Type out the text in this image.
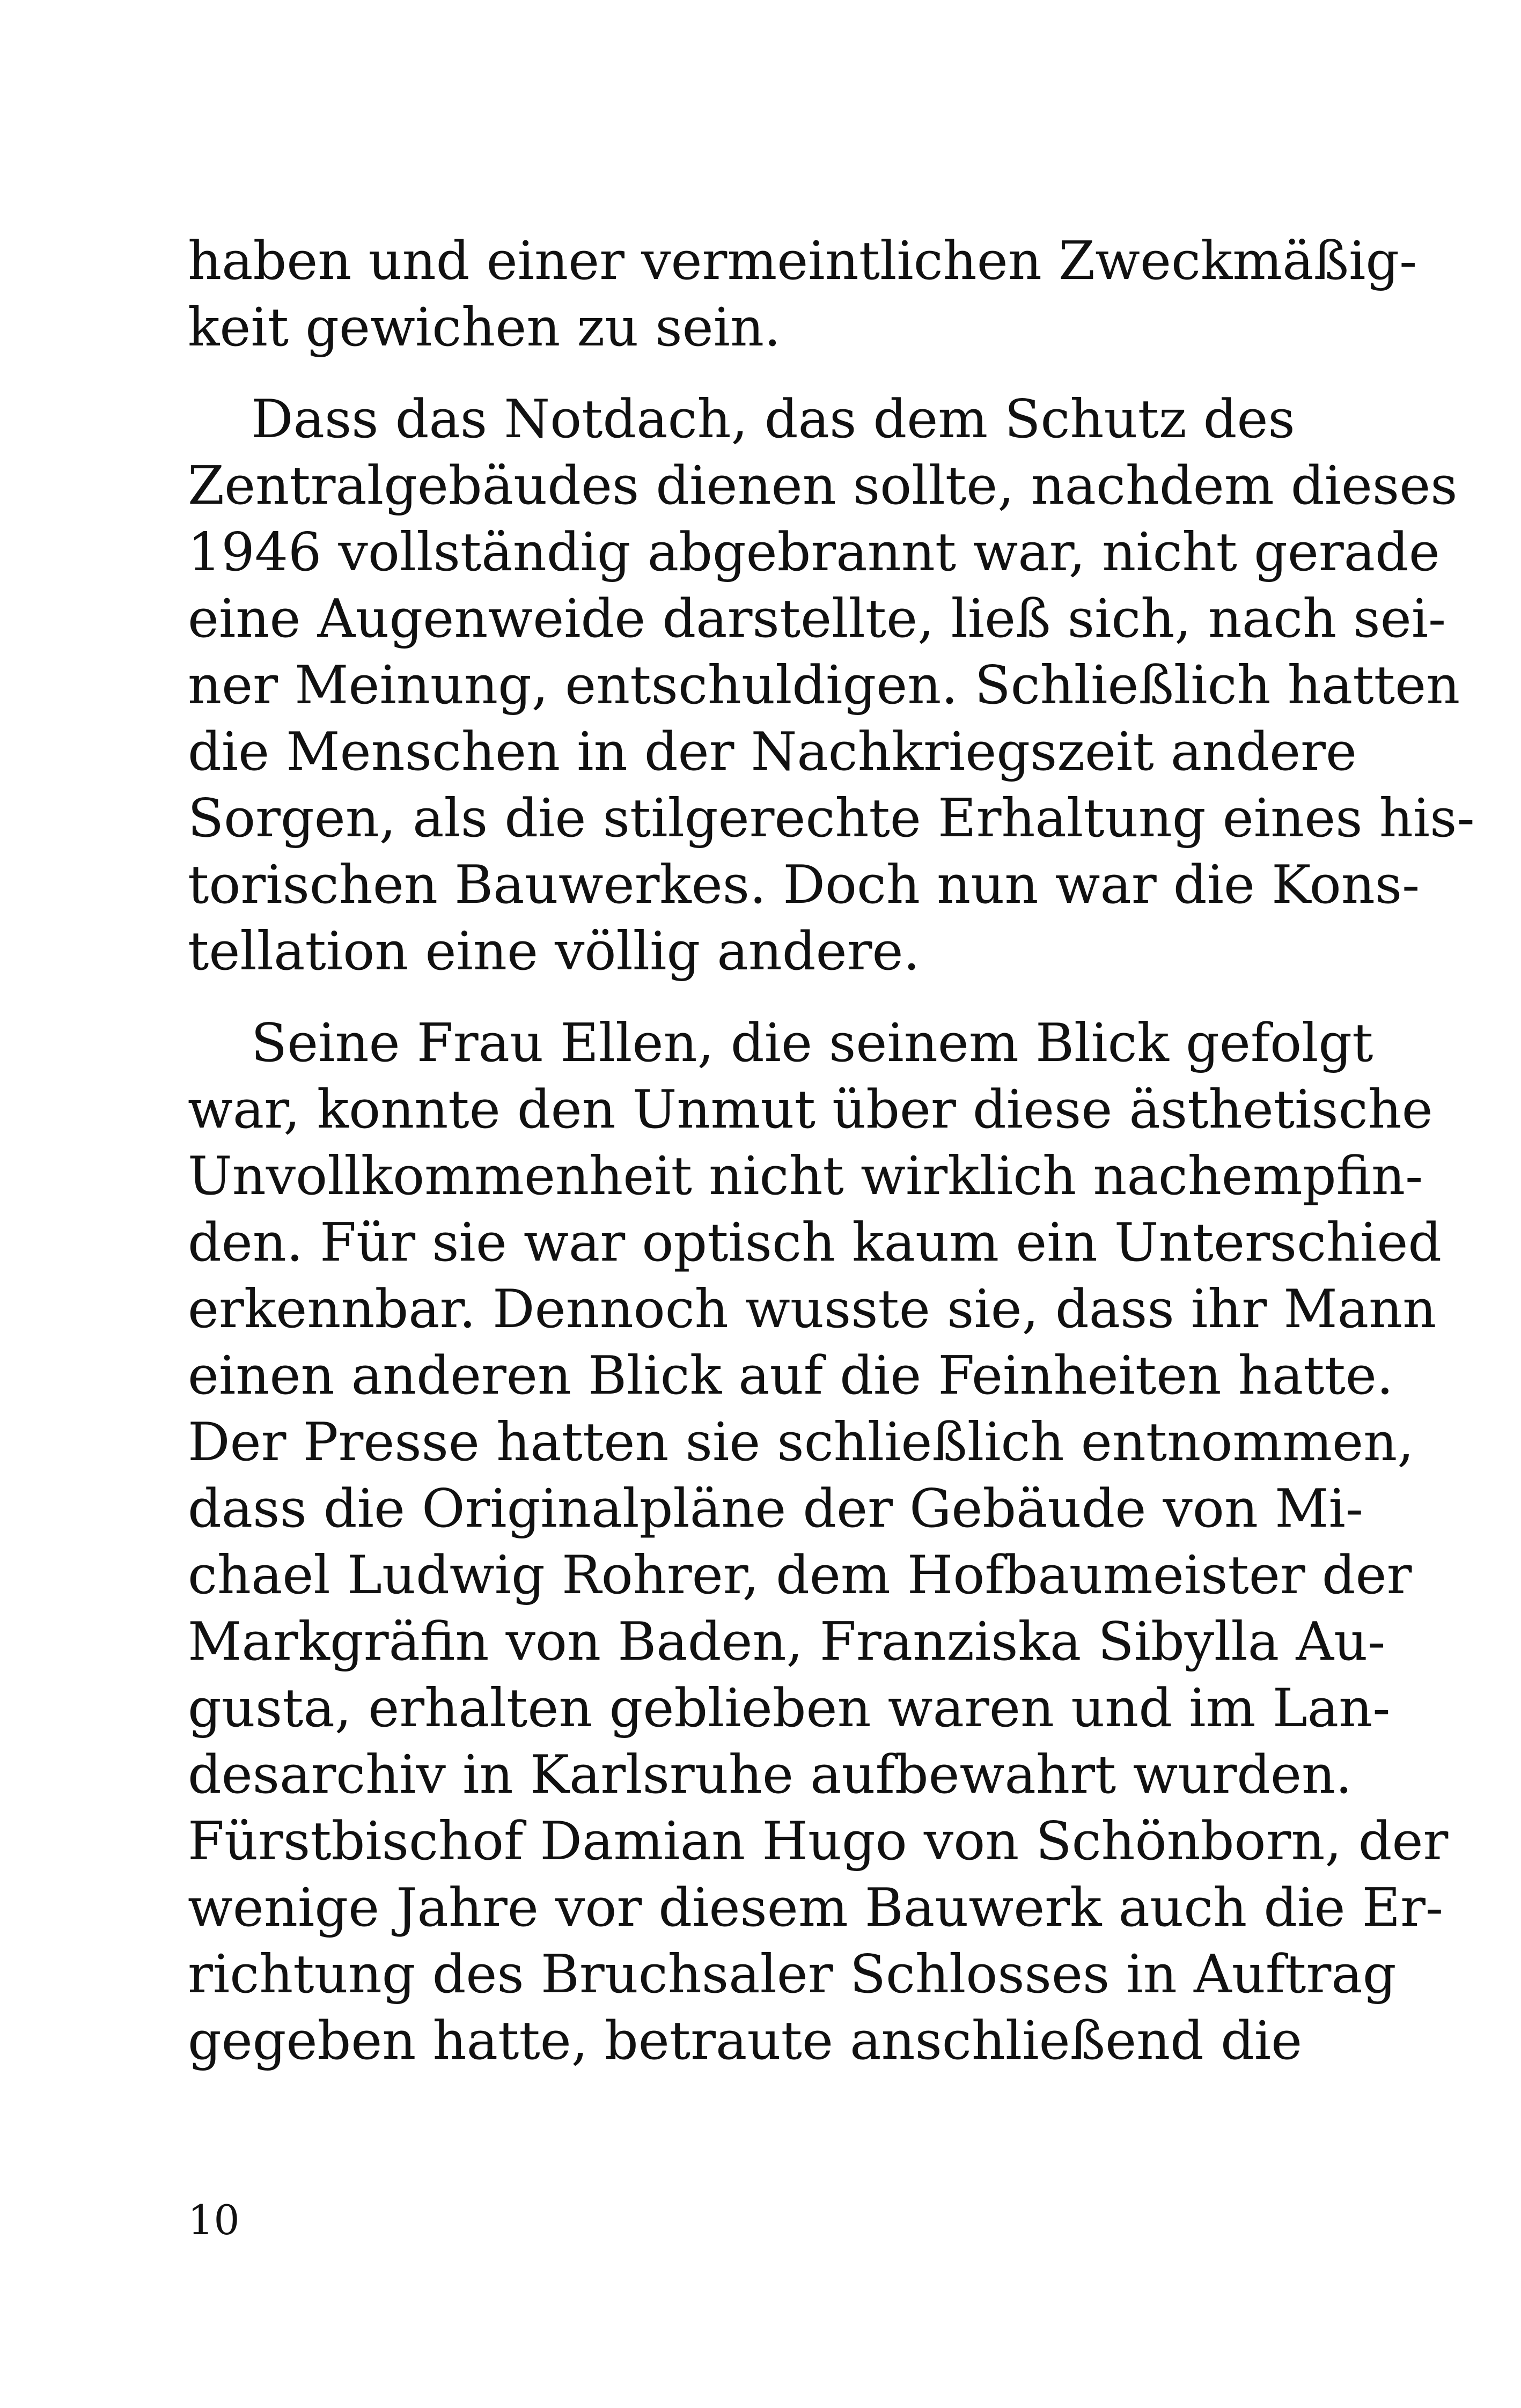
haben und einer vermeintlichen Zweckmäßig-
keit gewichen zu sein.
Dass das Notdach, das dem Schutz des
Zentralgebäudes dienen sollte, nachdem dieses
1946 vollständig abgebrannt war, nicht gerade
eine Augenweide darstellte, ließ sich, nach sei-
ner Meinung, entschuldigen. Schließlich hatten
die Menschen in der Nachkriegszeit andere
Sorgen, als die stilgerechte Erhaltung eines his-
torischen Bauwerkes. Doch nun war die Kons-
tellation eine völlig andere.
Seine Frau Ellen, die seinem Blick gefolgt
war, konnte den Unmut über diese ästhetische
Unvollkommenheit nicht wirklich nachempfin-
den. Für sie war optisch kaum ein Unterschied
erkennbar. Dennoch wusste sie, dass ihr Mann
einen anderen Blick auf die Feinheiten hatte.
Der Presse hatten sie schließlich entnommen,
dass die Originalpläne der Gebäude von Mi-
chael Ludwig Rohrer, dem Hofbaumeister der
Markgräfin von Baden, Franziska Sibylla Au-
gusta, erhalten geblieben waren und im Lan-
desarchiv in Karlsruhe aufbewahrt wurden.
Fürstbischof Damian Hugo von Schönborn, der
wenige Jahre vor diesem Bauwerk auch die Er-
richtung des Bruchsaler Schlosses in Auftrag
gegeben hatte, betraute anschließend die
10
